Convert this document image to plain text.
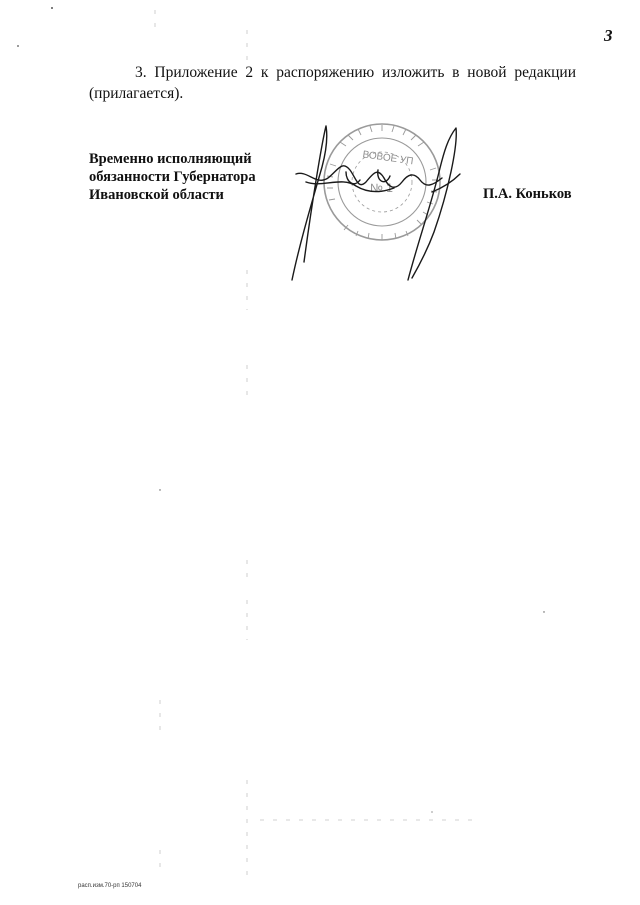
3

3. Приложение 2 к распоряжению изложить в новой редакции
(прилагается).

Временно исполняющий
обязанности Губернатора
Ивановской области
ВОВОЕ УП
№ 1	П.А. Коньков
расп.изм.70-рп 150704
